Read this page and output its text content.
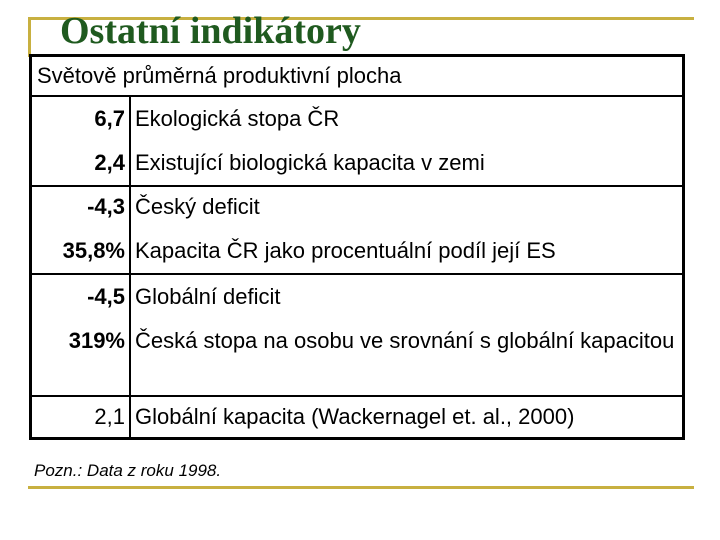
Ostatní indikátory
Světově průměrná produktivní plocha
6,7 Ekologická stopa ČR
2,4 Existující biologická kapacita v zemi
-4,3 Český deficit
35,8% Kapacita ČR jako procentuální podíl její ES
-4,5 Globální deficit
319% Česká stopa na osobu ve srovnání s globální kapacitou
2,1 Globální kapacita (Wackernagel et. al., 2000)
Pozn.: Data z roku 1998.
